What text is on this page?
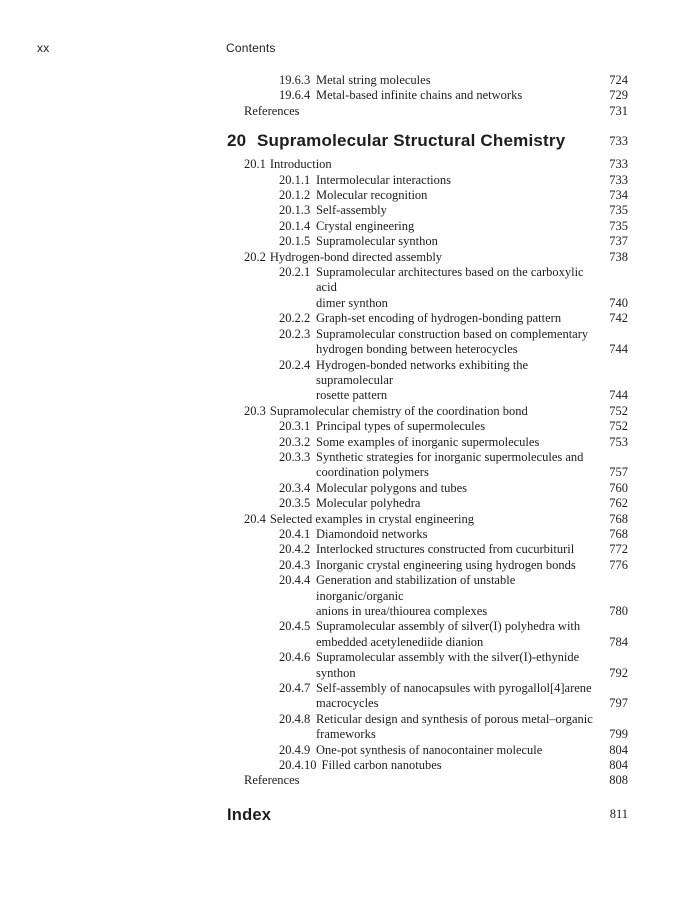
xx	Contents
19.6.3 Metal string molecules	724
19.6.4 Metal-based infinite chains and networks	729
References	731
20 Supramolecular Structural Chemistry	733
20.1 Introduction	733
20.1.1 Intermolecular interactions	733
20.1.2 Molecular recognition	734
20.1.3 Self-assembly	735
20.1.4 Crystal engineering	735
20.1.5 Supramolecular synthon	737
20.2 Hydrogen-bond directed assembly	738
20.2.1 Supramolecular architectures based on the carboxylic acid
dimer synthon	740
20.2.2 Graph-set encoding of hydrogen-bonding pattern	742
20.2.3 Supramolecular construction based on complementary
hydrogen bonding between heterocycles	744
20.2.4 Hydrogen-bonded networks exhibiting the supramolecular
rosette pattern	744
20.3 Supramolecular chemistry of the coordination bond	752
20.3.1 Principal types of supermolecules	752
20.3.2 Some examples of inorganic supermolecules	753
20.3.3 Synthetic strategies for inorganic supermolecules and
coordination polymers	757
20.3.4 Molecular polygons and tubes	760
20.3.5 Molecular polyhedra	762
20.4 Selected examples in crystal engineering	768
20.4.1 Diamondoid networks	768
20.4.2 Interlocked structures constructed from cucurbituril	772
20.4.3 Inorganic crystal engineering using hydrogen bonds	776
20.4.4 Generation and stabilization of unstable inorganic/organic
anions in urea/thiourea complexes	780
20.4.5 Supramolecular assembly of silver(I) polyhedra with
embedded acetylenediide dianion	784
20.4.6 Supramolecular assembly with the silver(I)-ethynide
synthon	792
20.4.7 Self-assembly of nanocapsules with pyrogallol[4]arene
macrocycles	797
20.4.8 Reticular design and synthesis of porous metal–organic
frameworks	799
20.4.9 One-pot synthesis of nanocontainer molecule	804
20.4.10 Filled carbon nanotubes	804
References	808
Index	811
